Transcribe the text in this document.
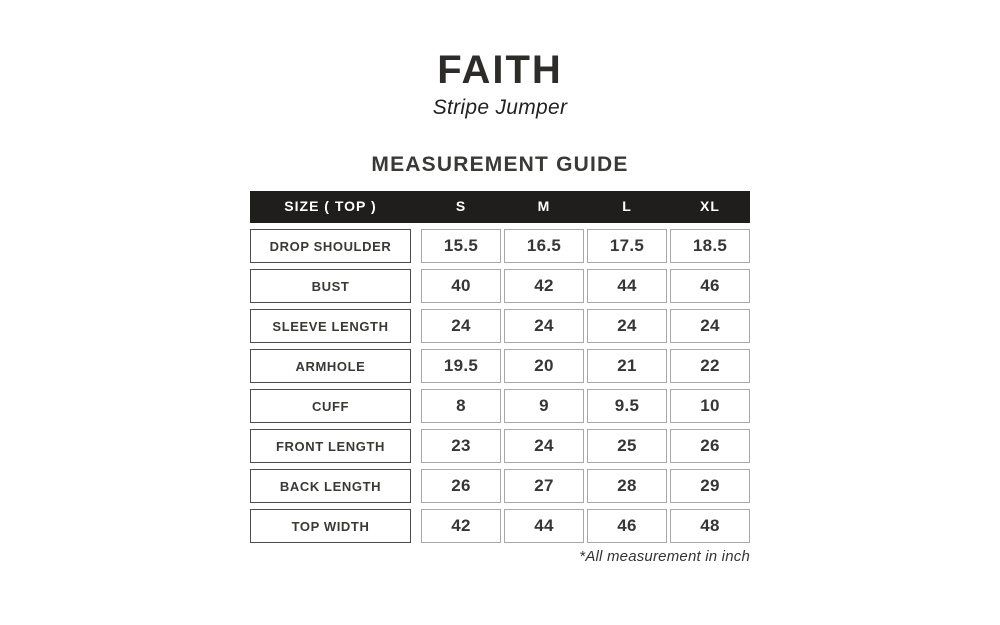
FAITH
Stripe Jumper
MEASUREMENT GUIDE
SIZE ( TOP )	S	M	L	XL
DROP SHOULDER	15.5	16.5	17.5	18.5
BUST	40	42	44	46
SLEEVE LENGTH	24	24	24	24
ARMHOLE	19.5	20	21	22
CUFF	8	9	9.5	10
FRONT LENGTH	23	24	25	26
BACK LENGTH	26	27	28	29
TOP WIDTH	42	44	46	48
*All measurement in inch
